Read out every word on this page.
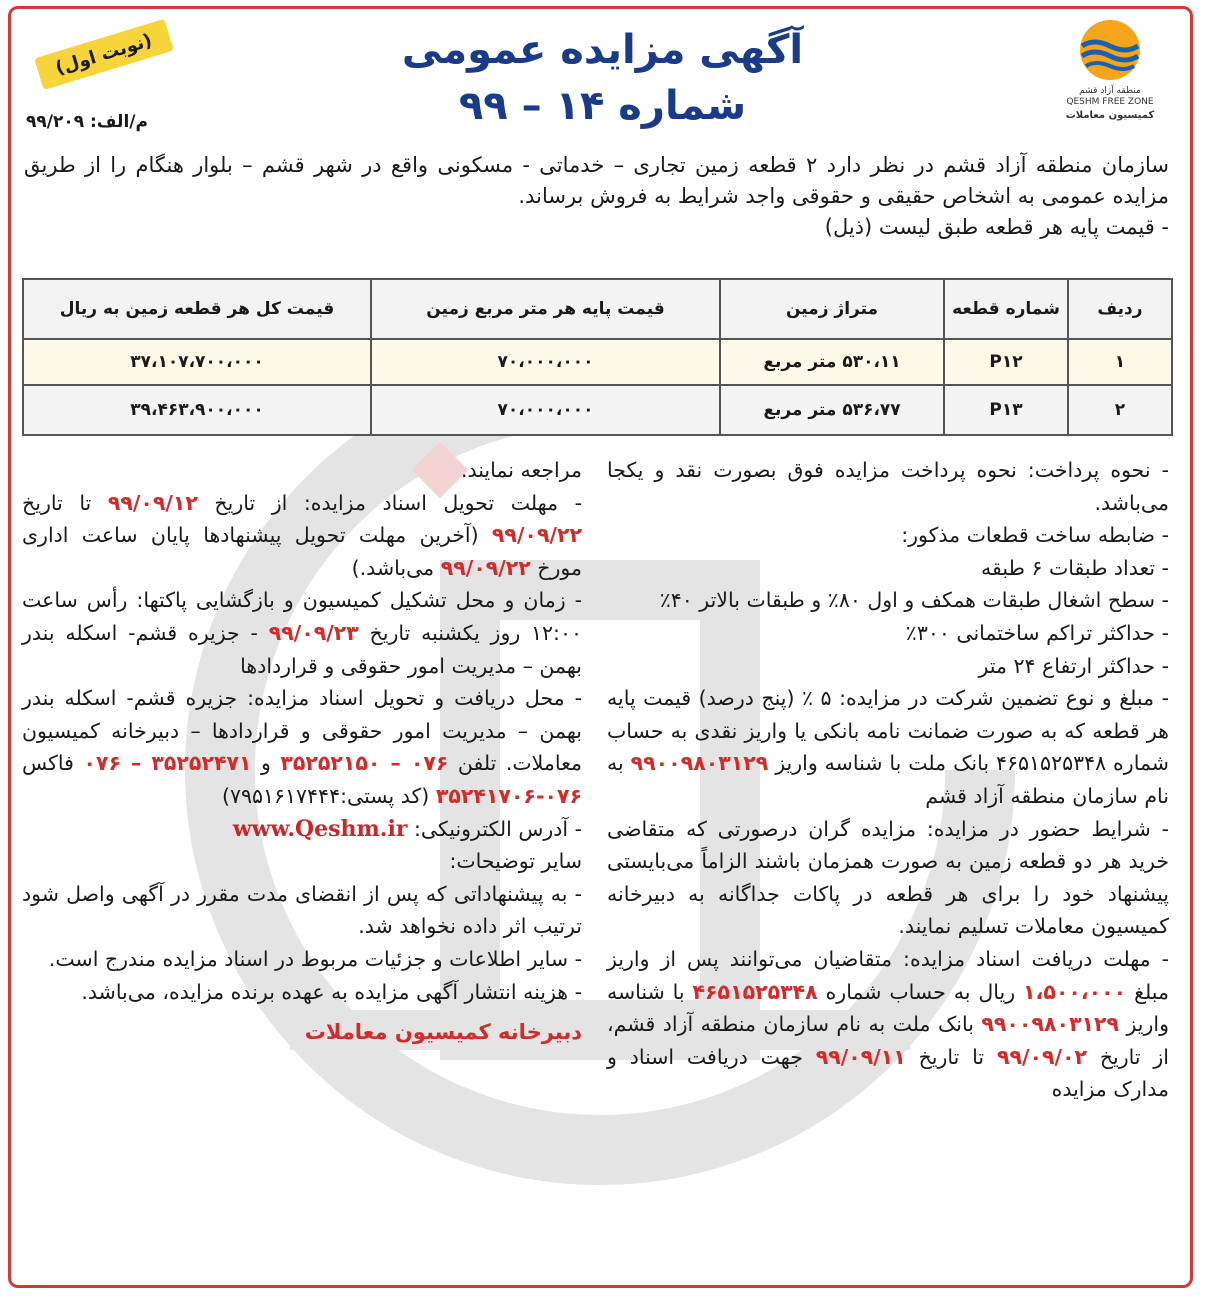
منطقه آزاد قشم
QESHM FREE ZONE
کمیسیون معاملات
(نوبت اول)
م/الف: ۹۹/۲۰۹
آگهی مزایده عمومی
شماره ۱۴ – ۹۹

سازمان منطقه آزاد قشم در نظر دارد ۲ قطعه زمین تجاری – خدماتی - مسکونی واقع در شهر قشم – بلوار هنگام را از طریق مزایده عمومی به اشخاص حقیقی و حقوقی واجد شرایط به فروش برساند.

- قیمت پایه هر قطعه طبق لیست (ذیل)

ردیف	شماره قطعه	متراژ زمین	قیمت پایه هر متر مربع زمین	قیمت کل هر قطعه زمین به ریال
۱	P۱۲	۵۳۰،۱۱ متر مربع	۷۰،۰۰۰،۰۰۰	۳۷،۱۰۷،۷۰۰،۰۰۰
۲	P۱۳	۵۳۶،۷۷ متر مربع	۷۰،۰۰۰،۰۰۰	۳۹،۴۶۳،۹۰۰،۰۰۰

- نحوه پرداخت: نحوه پرداخت مزایده فوق بصورت نقد و یکجا می‌باشد.

- ضابطه ساخت قطعات مذکور:

- تعداد طبقات ۶ طبقه

- سطح اشغال طبقات همکف و اول ۸۰٪ و طبقات بالاتر ۴۰٪

- حداکثر تراکم ساختمانی ۳۰۰٪

- حداکثر ارتفاع ۲۴ متر

- مبلغ و نوع تضمین شرکت در مزایده: ۵ ٪ (پنج درصد) قیمت پایه هر قطعه که به صورت ضمانت نامه بانکی یا واریز نقدی به حساب شماره ۴۶۵۱۵۲۵۳۴۸ بانک ملت با شناسه واریز ۹۹۰۰۹۸۰۳۱۲۹ به نام سازمان منطقه آزاد قشم

- شرایط حضور در مزایده: مزایده گران درصورتی که متقاضی خرید هر دو قطعه زمین به صورت همزمان باشند الزاماً می‌بایستی پیشنهاد خود را برای هر قطعه در پاکات جداگانه به دبیرخانه کمیسیون معاملات تسلیم نمایند.

- مهلت دریافت اسناد مزایده: متقاضیان می‌توانند پس از واریز مبلغ ۱،۵۰۰،۰۰۰ ریال به حساب شماره ۴۶۵۱۵۲۵۳۴۸ با شناسه واریز ۹۹۰۰۹۸۰۳۱۲۹ بانک ملت به نام سازمان منطقه آزاد قشم، از تاریخ ۹۹/۰۹/۰۲ تا تاریخ ۹۹/۰۹/۱۱ جهت دریافت اسناد و مدارک مزایده

مراجعه نمایند.

- مهلت تحویل اسناد مزایده: از تاریخ ۹۹/۰۹/۱۲ تا تاریخ ۹۹/۰۹/۲۲ (آخرین مهلت تحویل پیشنهادها پایان ساعت اداری مورخ ۹۹/۰۹/۲۲ می‌باشد.)

- زمان و محل تشکیل کمیسیون و بازگشایی پاکتها: رأس ساعت ۱۲:۰۰ روز یکشنبه تاریخ ۹۹/۰۹/۲۳ - جزیره قشم- اسکله بندر بهمن – مدیریت امور حقوقی و قراردادها

- محل دریافت و تحویل اسناد مزایده: جزیره قشم- اسکله بندر بهمن – مدیریت امور حقوقی و قراردادها – دبیرخانه کمیسیون معاملات. تلفن ۰۷۶ – ۳۵۲۵۲۱۵۰ و ۳۵۲۵۲۴۷۱ – ۰۷۶ فاکس ۰۷۶-۳۵۲۴۱۷۰۶ (کد پستی:۷۹۵۱۶۱۷۴۴۴)

- آدرس الکترونیکی: www.Qeshm.ir

سایر توضیحات:

- به پیشنهاداتی که پس از انقضای مدت مقرر در آگهی واصل شود ترتیب اثر داده نخواهد شد.

- سایر اطلاعات و جزئیات مربوط در اسناد مزایده مندرج است.

- هزینه انتشار آگهی مزایده به عهده برنده مزایده، می‌باشد.

دبیرخانه کمیسیون معاملات
